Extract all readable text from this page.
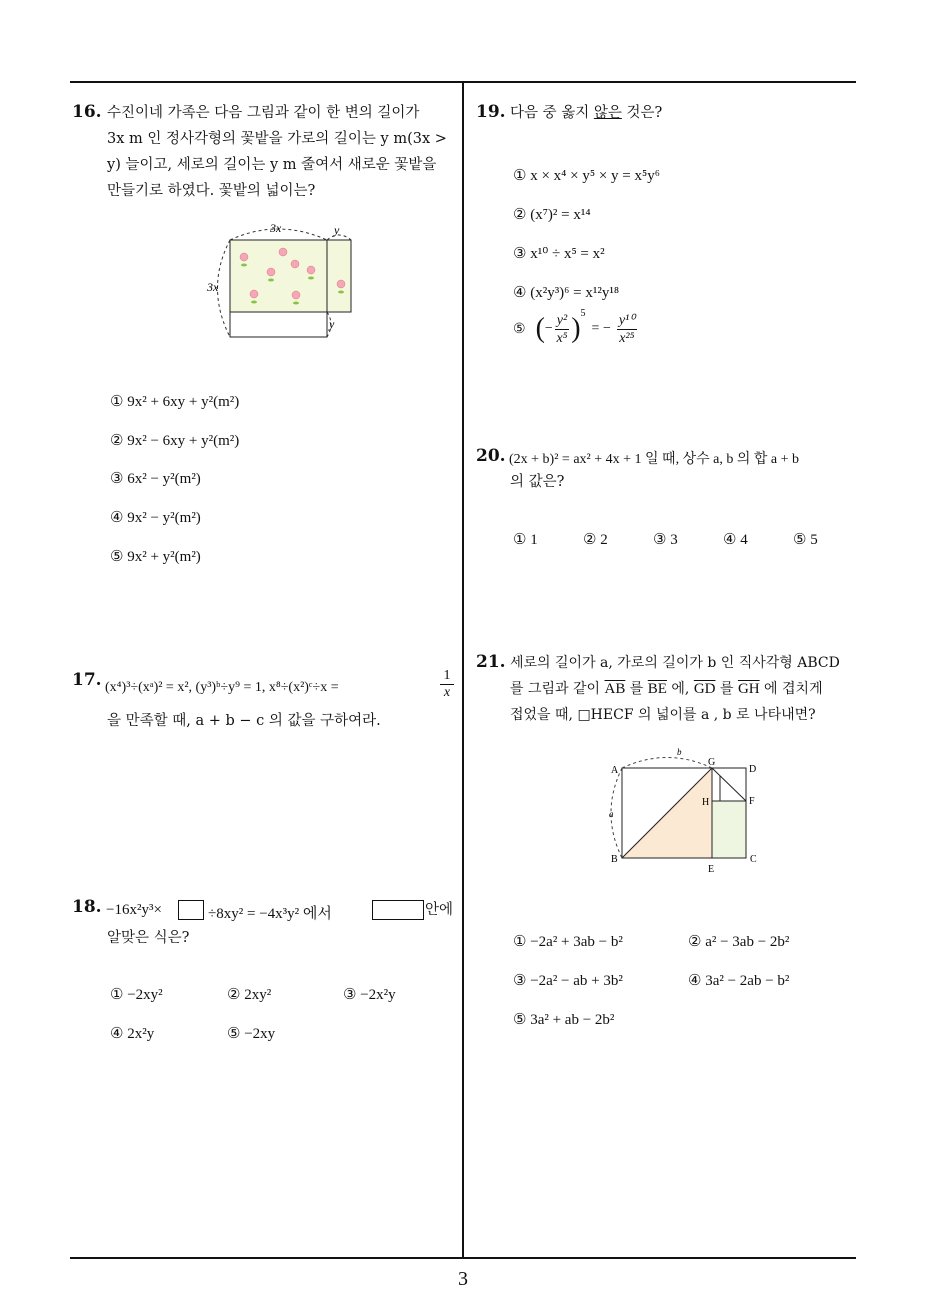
16. 수진이네 가족은 다음 그림과 같이 한 변의 길이가
3x m 인 정사각형의 꽃밭을 가로의 길이는 y m(3x >
y) 늘이고, 세로의 길이는 y m 줄여서 새로운 꽃밭을
만들기로 하였다. 꽃밭의 넓이는?
3x	y
3x
y
① 9x² + 6xy + y²(m²)
② 9x² − 6xy + y²(m²)
③ 6x² − y²(m²)
④ 9x² − y²(m²)
⑤ 9x² + y²(m²)
17. (x⁴)³÷(xᵃ)² = x², (y³)ᵇ÷y⁹ = 1, x⁸÷(x²)ᶜ÷x =	$\frac{1}{x}$
을 만족할 때, a + b − c 의 값을 구하여라.
18. −16x²y³×	÷8xy² = −4x³y² 에서	안에
알맞은 식은?
① −2xy²	② 2xy²	③ −2x²y
④ 2x²y	⑤ −2xy
19. 다음 중 옳지 않은 것은?
① x × x⁴ × y⁵ × y = x⁵y⁶
② (x⁷)² = x¹⁴
③ x¹⁰ ÷ x⁵ = x²
④ (x²y³)⁶ = x¹²y¹⁸
⑤ ( − $\frac{\text{y²}}{\text{x⁵}} )^5$
= − $\frac{\text{y¹⁰}}{\text{x²⁵}}$
20. (2x + b)² = ax² + 4x + 1 일 때, 상수 a, b 의 합 a + b
의 값은?
① 1	② 2	③ 3	④ 4	⑤ 5
21. 세로의 길이가 a, 가로의 길이가 b 인 직사각형 ABCD
를 그림과 같이 $\overline{AB}$ 를 $\overline{BE}$ 에, $\overline{GD}$ 를 $\overline{GH}$ 에 겹치게
접었을 때, □HECF 의 넓이를 a , b 로 나타내면?
A
B	C
D
E
F
G
H
a
b
① −2a² + 3ab − b²	② a² − 3ab − 2b²
③ −2a² − ab + 3b²	④ 3a² − 2ab − b²
⑤ 3a² + ab − 2b²
3
